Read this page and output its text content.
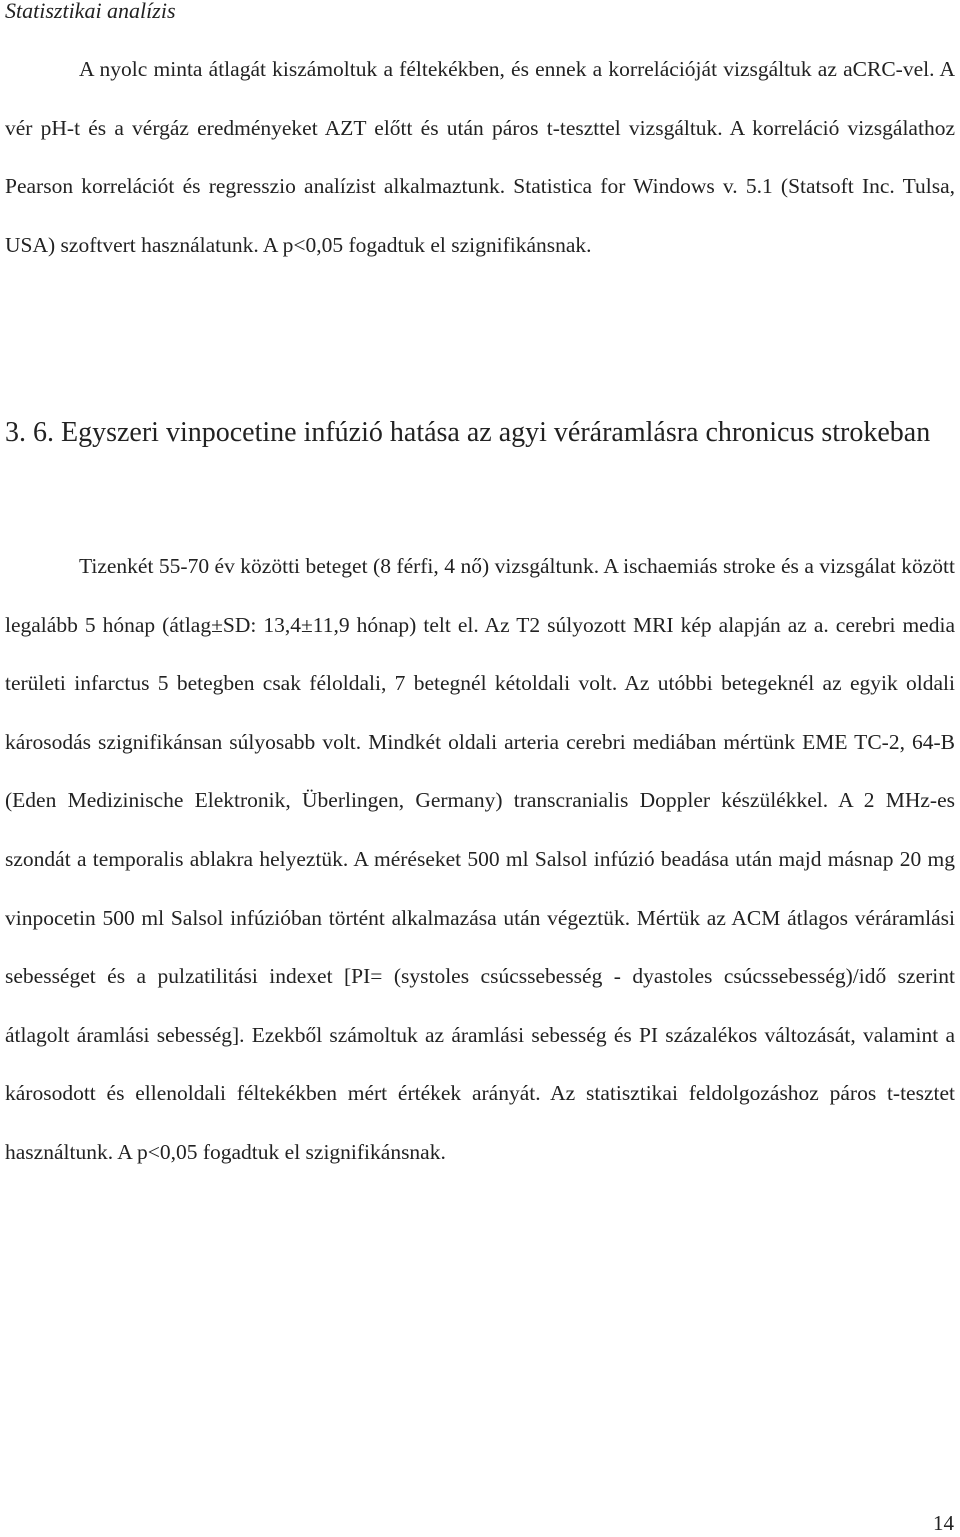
Statisztikai analízis

A nyolc minta átlagát kiszámoltuk a féltekékben, és ennek a korrelációját vizsgáltuk az aCRC-vel. A vér pH-t és a vérgáz eredményeket AZT előtt és után páros t-teszttel vizsgáltuk. A korreláció vizsgálathoz Pearson korrelációt és regresszio analízist alkalmaztunk. Statistica for Windows v. 5.1 (Statsoft Inc. Tulsa, USA) szoftvert használatunk. A p<0,05 fogadtuk el szignifikánsnak.

3. 6. Egyszeri vinpocetine infúzió hatása az agyi véráramlásra chronicus strokeban

Tizenkét 55-70 év közötti beteget (8 férfi, 4 nő) vizsgáltunk. A ischaemiás stroke és a vizsgálat között legalább 5 hónap (átlag±SD: 13,4±11,9 hónap) telt el. Az T2 súlyozott MRI kép alapján az a. cerebri media területi infarctus 5 betegben csak féloldali, 7 betegnél kétoldali volt. Az utóbbi betegeknél az egyik oldali károsodás szignifikánsan súlyosabb volt. Mindkét oldali arteria cerebri mediában mértünk EME TC-2, 64-B (Eden Medizinische Elektronik, Überlingen, Germany) transcranialis Doppler készülékkel. A 2 MHz-es szondát a temporalis ablakra helyeztük. A méréseket 500 ml Salsol infúzió beadása után majd másnap 20 mg vinpocetin 500 ml Salsol infúzióban történt alkalmazása után végeztük. Mértük az ACM átlagos véráramlási sebességet és a pulzatilitási indexet [PI= (systoles csúcssebesség - dyastoles csúcssebesség)/idő szerint átlagolt áramlási sebesség]. Ezekből számoltuk az áramlási sebesség és PI százalékos változását, valamint a károsodott és ellenoldali féltekékben mért értékek arányát. Az statisztikai feldolgozáshoz páros t-tesztet használtunk. A p<0,05 fogadtuk el szignifikánsnak.

14
